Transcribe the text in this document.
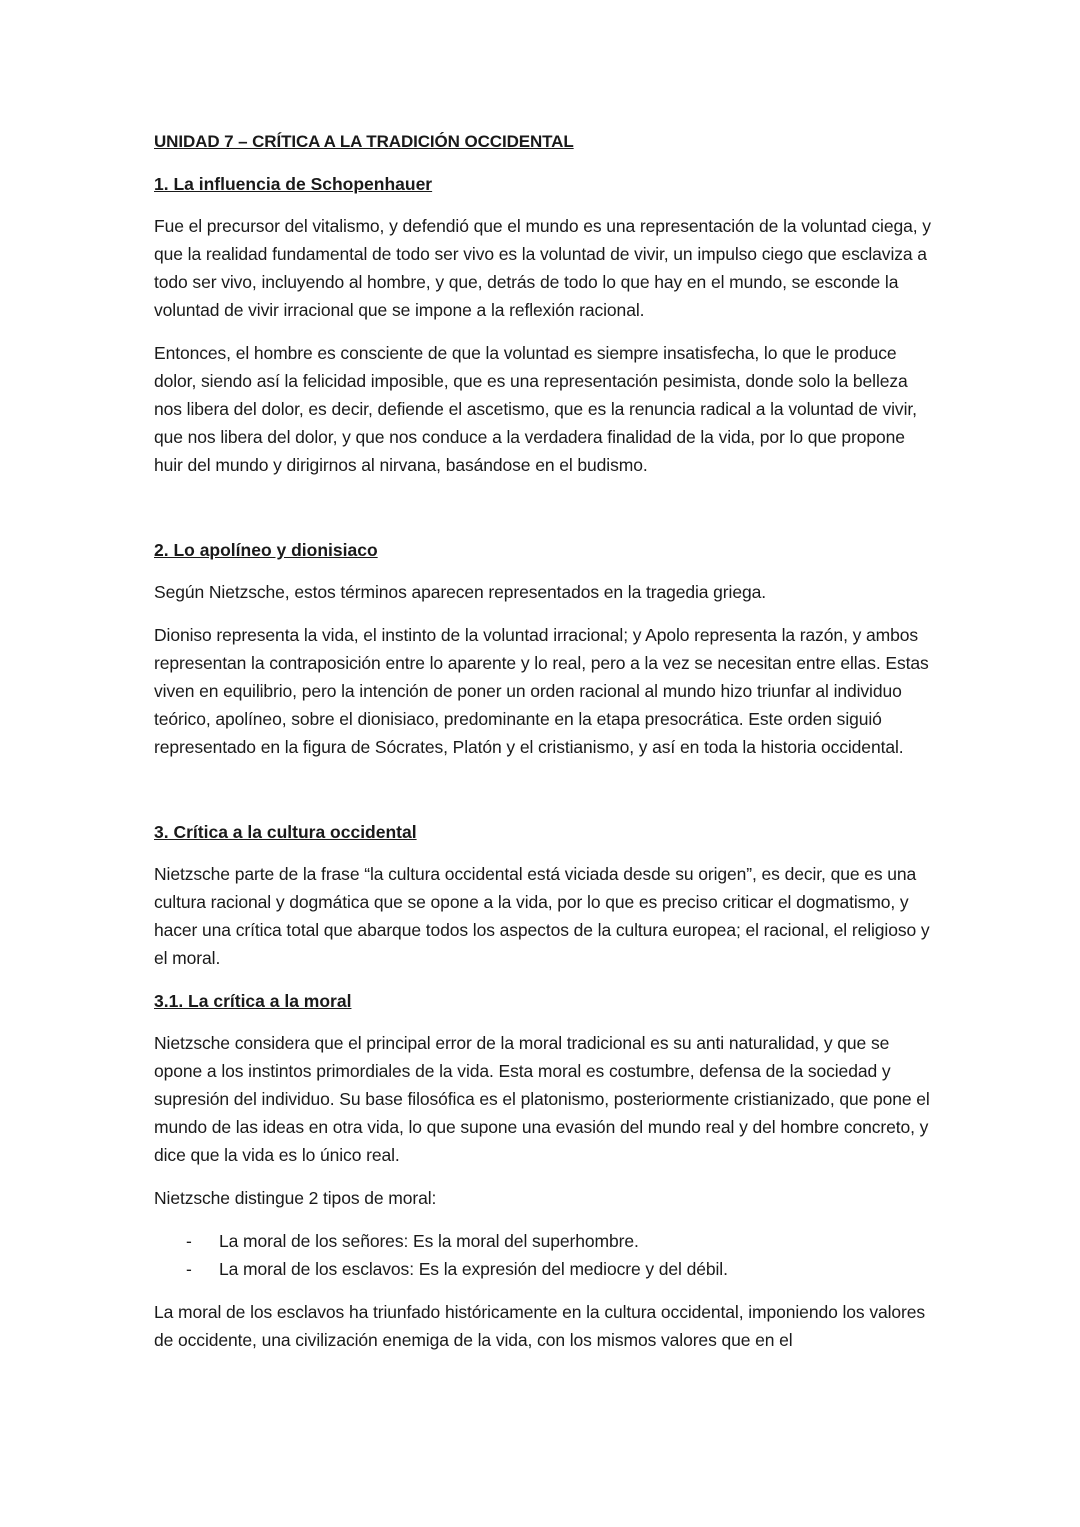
UNIDAD 7 – CRÍTICA A LA TRADICIÓN OCCIDENTAL
1. La influencia de Schopenhauer
Fue el precursor del vitalismo, y defendió que el mundo es una representación de la voluntad ciega, y que la realidad fundamental de todo ser vivo es la voluntad de vivir, un impulso ciego que esclaviza a todo ser vivo, incluyendo al hombre, y que, detrás de todo lo que hay en el mundo, se esconde la voluntad de vivir irracional que se impone a la reflexión racional.
Entonces, el hombre es consciente de que la voluntad es siempre insatisfecha, lo que le produce dolor, siendo así la felicidad imposible, que es una representación pesimista, donde solo la belleza nos libera del dolor, es decir, defiende el ascetismo, que es la renuncia radical a la voluntad de vivir, que nos libera del dolor, y que nos conduce a la verdadera finalidad de la vida, por lo que propone huir del mundo y dirigirnos al nirvana, basándose en el budismo.
2. Lo apolíneo y dionisiaco
Según Nietzsche, estos términos aparecen representados en la tragedia griega.
Dioniso representa la vida, el instinto de la voluntad irracional; y Apolo representa la razón, y ambos representan la contraposición entre lo aparente y lo real, pero a la vez se necesitan entre ellas. Estas viven en equilibrio, pero la intención de poner un orden racional al mundo hizo triunfar al individuo teórico, apolíneo, sobre el dionisiaco, predominante en la etapa presocrática. Este orden siguió representado en la figura de Sócrates, Platón y el cristianismo, y así en toda la historia occidental.
3. Crítica a la cultura occidental
Nietzsche parte de la frase “la cultura occidental está viciada desde su origen”, es decir, que es una cultura racional y dogmática que se opone a la vida, por lo que es preciso criticar el dogmatismo, y hacer una crítica total que abarque todos los aspectos de la cultura europea; el racional, el religioso y el moral.
3.1. La crítica a la moral
Nietzsche considera que el principal error de la moral tradicional es su anti naturalidad, y que se opone a los instintos primordiales de la vida. Esta moral es costumbre, defensa de la sociedad y supresión del individuo. Su base filosófica es el platonismo, posteriormente cristianizado, que pone el mundo de las ideas en otra vida, lo que supone una evasión del mundo real y del hombre concreto, y dice que la vida es lo único real.
Nietzsche distingue 2 tipos de moral:
- La moral de los señores: Es la moral del superhombre.
- La moral de los esclavos: Es la expresión del mediocre y del débil.
La moral de los esclavos ha triunfado históricamente en la cultura occidental, imponiendo los valores de occidente, una civilización enemiga de la vida, con los mismos valores que en el
